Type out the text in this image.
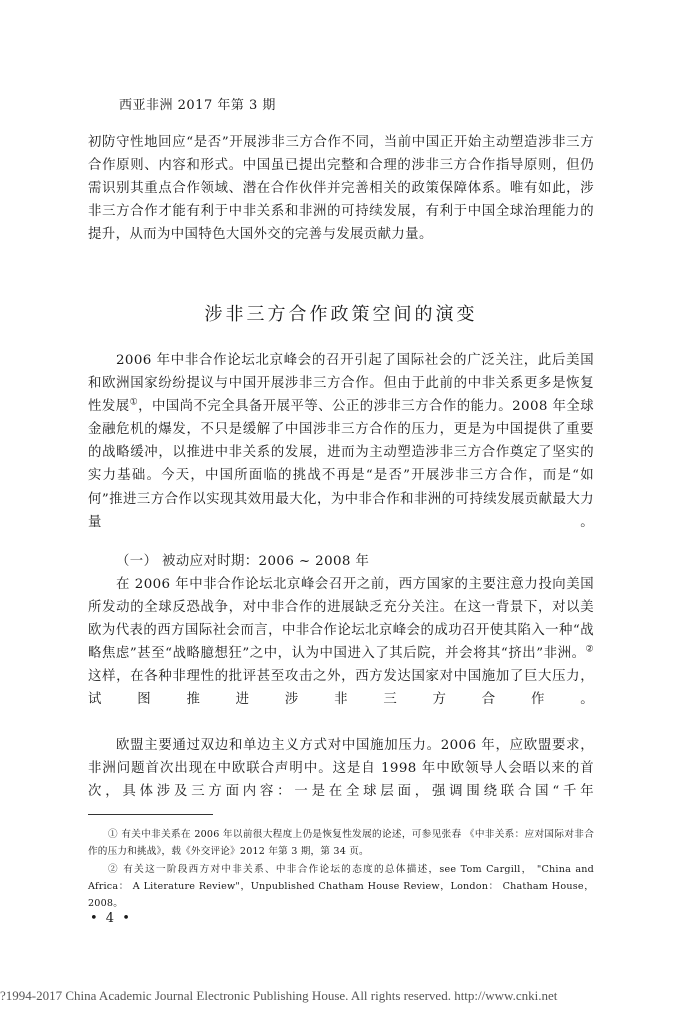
西亚非洲 2017 年第 3 期
初防守性地回应“是否”开展涉非三方合作不同，当前中国正开始主动塑造涉非三方合作原则、内容和形式。中国虽已提出完整和合理的涉非三方合作指导原则，但仍需识别其重点合作领域、潜在合作伙伴并完善相关的政策保障体系。唯有如此，涉非三方合作才能有利于中非关系和非洲的可持续发展，有利于中国全球治理能力的提升，从而为中国特色大国外交的完善与发展贡献力量。
涉非三方合作政策空间的演变
2006 年中非合作论坛北京峰会的召开引起了国际社会的广泛关注，此后美国和欧洲国家纷纷提议与中国开展涉非三方合作。但由于此前的中非关系更多是恢复性发展①，中国尚不完全具备开展平等、公正的涉非三方合作的能力。2008 年全球金融危机的爆发，不只是缓解了中国涉非三方合作的压力，更是为中国提供了重要的战略缓冲，以推进中非关系的发展，进而为主动塑造涉非三方合作奠定了坚实的实力基础。今天，中国所面临的挑战不再是“是否”开展涉非三方合作，而是“如何”推进三方合作以实现其效用最大化，为中非合作和非洲的可持续发展贡献最大力量。
（一） 被动应对时期：2006 ~ 2008 年
在 2006 年中非合作论坛北京峰会召开之前，西方国家的主要注意力投向美国所发动的全球反恐战争，对中非合作的进展缺乏充分关注。在这一背景下，对以美欧为代表的西方国际社会而言，中非合作论坛北京峰会的成功召开使其陷入一种“战略焦虑”甚至“战略臆想狂”之中，认为中国进入了其后院，并会将其“挤出”非洲。②这样，在各种非理性的批评甚至攻击之外，西方发达国家对中国施加了巨大压力，试图推进涉非三方合作。
欧盟主要通过双边和单边主义方式对中国施加压力。2006 年，应欧盟要求，非洲问题首次出现在中欧联合声明中。这是自 1998 年中欧领导人会晤以来的首次，具体涉及三方面内容：一是在全球层面，强调围绕联合国“千年
① 有关中非关系在 2006 年以前很大程度上仍是恢复性发展的论述，可参见张春 《中非关系：应对国际对非合作的压力和挑战》，载《外交评论》2012 年第 3 期，第 34 页。
② 有关这一阶段西方对中非关系、中非合作论坛的态度的总体描述，see Tom Cargill， "China and Africa： A Literature Review"，Unpublished Chatham House Review，London： Chatham House，2008。
• 4 •
?1994-2017 China Academic Journal Electronic Publishing House. All rights reserved. http://www.cnki.net
